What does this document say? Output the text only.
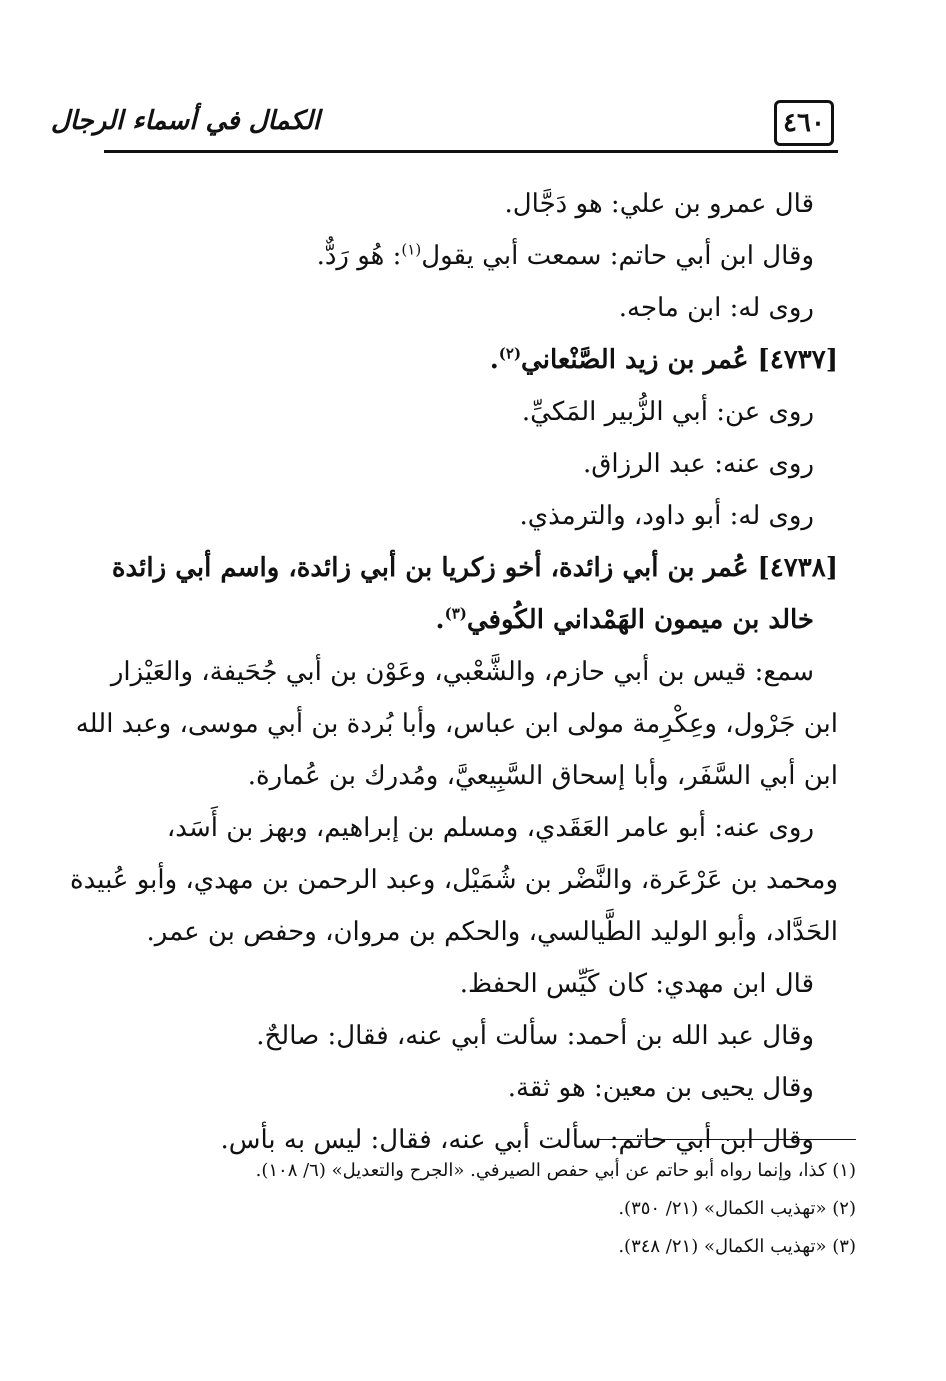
٤٦٠
الكمال في أسماء الرجال
قال عمرو بن علي: هو دَجَّال.
وقال ابن أبي حاتم: سمعت أبي يقول$^{(١)}$: هُو رَدٌّ.
روى له: ابن ماجه.
[٤٧٣٧] عُمر بن زيد الصَّنْعاني$^{(٢)}$.
روى عن: أبي الزُّبير المَكيِّ.
روى عنه: عبد الرزاق.
روى له: أبو داود، والترمذي.
[٤٧٣٨] عُمر بن أبي زائدة، أخو زكريا بن أبي زائدة، واسم أبي زائدة
خالد بن ميمون الهَمْداني الكُوفي$^{(٣)}$.
سمع: قيس بن أبي حازم، والشَّعْبي، وعَوْن بن أبي جُحَيفة، والعَيْزار
ابن جَرْول، وعِكْرِمة مولى ابن عباس، وأبا بُردة بن أبي موسى، وعبد الله
ابن أبي السَّفَر، وأبا إسحاق السَّبِيعيَّ، ومُدرك بن عُمارة.
روى عنه: أبو عامر العَقَدي، ومسلم بن إبراهيم، وبهز بن أَسَد،
ومحمد بن عَرْعَرة، والنَّضْر بن شُمَيْل، وعبد الرحمن بن مهدي، وأبو عُبيدة
الحَدَّاد، وأبو الوليد الطَّيالسي، والحكم بن مروان، وحفص بن عمر.
قال ابن مهدي: كان كَيِّس الحفظ.
وقال عبد الله بن أحمد: سألت أبي عنه، فقال: صالحٌ.
وقال يحيى بن معين: هو ثقة.
وقال ابن أبي حاتم: سألت أبي عنه، فقال: ليس به بأس.
(١) كذا، وإنما رواه أبو حاتم عن أبي حفص الصيرفي. «الجرح والتعديل» (٦/ ١٠٨).
(٢) «تهذيب الكمال» (٢١/ ٣٥٠).
(٣) «تهذيب الكمال» (٢١/ ٣٤٨).
